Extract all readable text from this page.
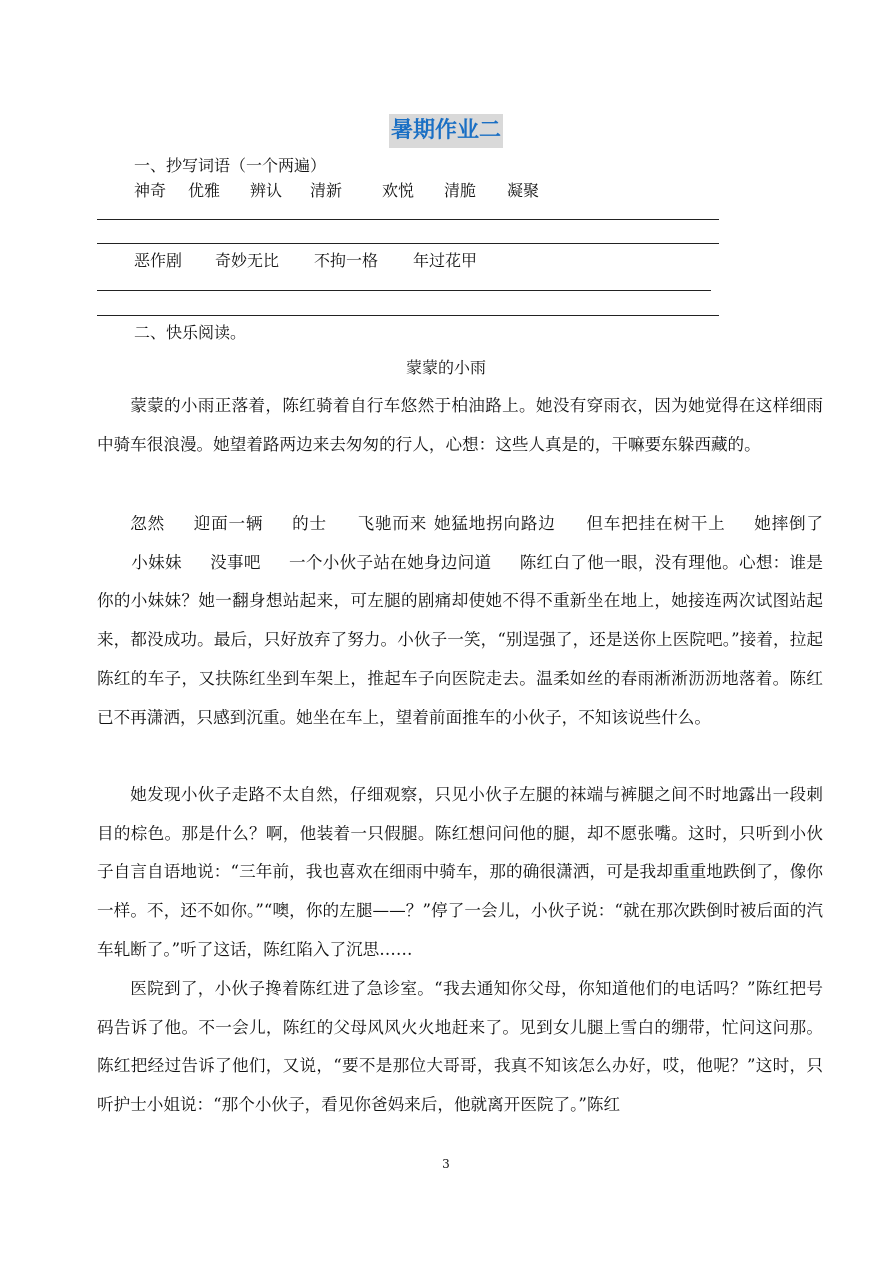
暑期作业二
一、抄写词语（一个两遍）
神奇 优雅 辨认 清新 欢悦 清脆 凝聚
恶作剧 奇妙无比 不拘一格 年过花甲
二、快乐阅读。
蒙蒙的小雨

蒙蒙的小雨正落着，陈红骑着自行车悠然于柏油路上。她没有穿雨衣，因为她觉得在这样细雨中骑车很浪漫。她望着路两边来去匆匆的行人，心想：这些人真是的，干嘛要东躲西藏的。

忽然 迎面一辆 的士 飞驰而来 她猛地拐向路边 但车把挂在树干上 她摔倒了小妹妹 没事吧 一个小伙子站在她身边问道 陈红白了他一眼，没有理他。心想：谁是你的小妹妹？她一翻身想站起来，可左腿的剧痛却使她不得不重新坐在地上，她接连两次试图站起来，都没成功。最后，只好放弃了努力。小伙子一笑，“别逞强了，还是送你上医院吧。”接着，拉起陈红的车子，又扶陈红坐到车架上，推起车子向医院走去。温柔如丝的春雨淅淅沥沥地落着。陈红已不再潇洒，只感到沉重。她坐在车上，望着前面推车的小伙子，不知该说些什么。

她发现小伙子走路不太自然，仔细观察，只见小伙子左腿的袜端与裤腿之间不时地露出一段刺目的棕色。那是什么？啊，他装着一只假腿。陈红想问问他的腿，却不愿张嘴。这时，只听到小伙子自言自语地说：“三年前，我也喜欢在细雨中骑车，那的确很潇洒，可是我却重重地跌倒了，像你一样。不，还不如你。”“噢，你的左腿——？”停了一会儿，小伙子说：“就在那次跌倒时被后面的汽车轧断了。”听了这话，陈红陷入了沉思……

医院到了，小伙子搀着陈红进了急诊室。“我去通知你父母，你知道他们的电话吗？”陈红把号码告诉了他。不一会儿，陈红的父母风风火火地赶来了。见到女儿腿上雪白的绷带，忙问这问那。陈红把经过告诉了他们，又说，“要不是那位大哥哥，我真不知该怎么办好，哎，他呢？”这时，只听护士小姐说：“那个小伙子，看见你爸妈来后，他就离开医院了。”陈红

3
